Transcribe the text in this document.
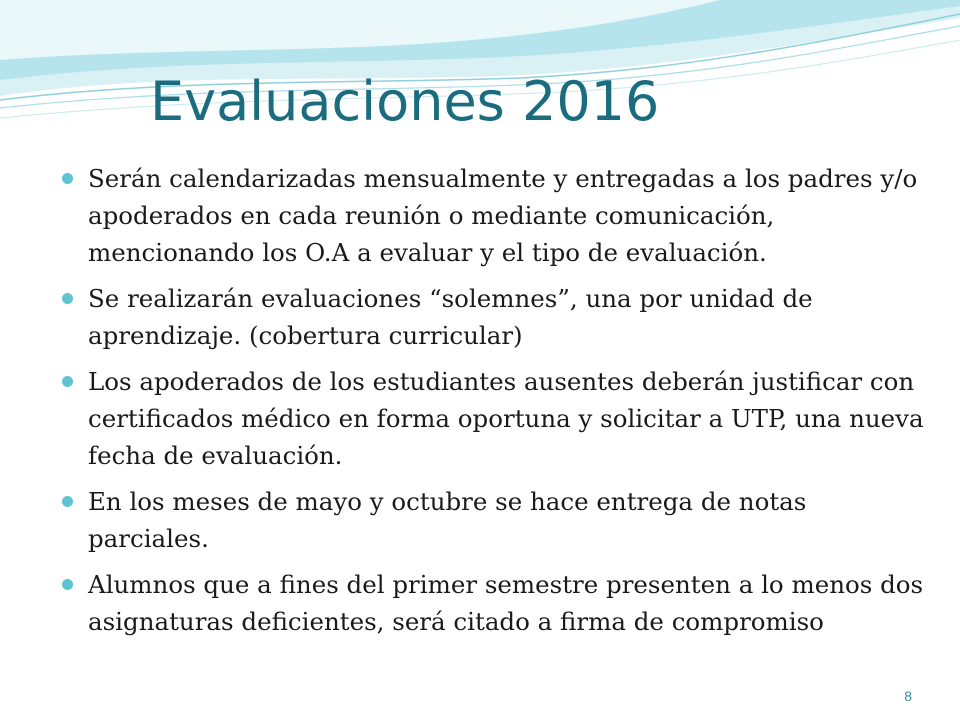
Evaluaciones 2016
Serán calendarizadas mensualmente y entregadas a los padres y/o apoderados en cada reunión o mediante comunicación, mencionando los O.A a evaluar y el tipo de evaluación.
Se realizarán evaluaciones “solemnes”, una por unidad de aprendizaje. (cobertura curricular)
Los apoderados de los estudiantes ausentes deberán justificar con certificados médico en forma oportuna y solicitar a UTP, una nueva fecha de evaluación.
En los meses de mayo y octubre se hace entrega de notas parciales.
Alumnos que a fines del primer semestre presenten a lo menos dos asignaturas deficientes, será citado a firma de compromiso
8
